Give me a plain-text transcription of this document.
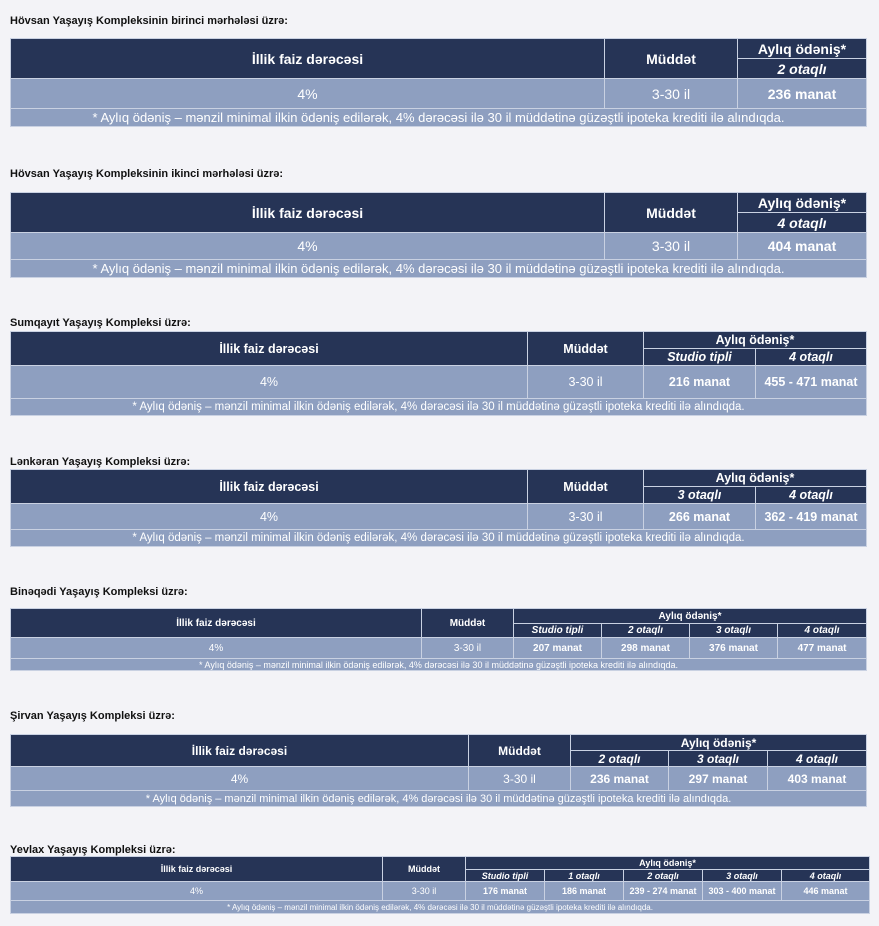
Hövsan Yaşayış Kompleksinin birinci mərhələsi üzrə:
İllik faiz dərəcəsi	Müddət	Aylıq ödəniş*
		2 otaqlı
4%	3-30 il	236 manat
* Aylıq ödəniş – mənzil minimal ilkin ödəniş edilərək, 4% dərəcəsi ilə 30 il müddətinə güzəştli ipoteka krediti ilə alındıqda.		
Hövsan Yaşayış Kompleksinin ikinci mərhələsi üzrə:
İllik faiz dərəcəsi	Müddət	Aylıq ödəniş*
		4 otaqlı
4%	3-30 il	404 manat
* Aylıq ödəniş – mənzil minimal ilkin ödəniş edilərək, 4% dərəcəsi ilə 30 il müddətinə güzəştli ipoteka krediti ilə alındıqda.		
Sumqayıt Yaşayış Kompleksi üzrə:
İllik faiz dərəcəsi	Müddət	Aylıq ödəniş*	
		Studio tipli	4 otaqlı
4%	3-30 il	216 manat	455 - 471 manat
* Aylıq ödəniş – mənzil minimal ilkin ödəniş edilərək, 4% dərəcəsi ilə 30 il müddətinə güzəştli ipoteka krediti ilə alındıqda.			
Lənkəran Yaşayış Kompleksi üzrə:
İllik faiz dərəcəsi	Müddət	Aylıq ödəniş*	
		3 otaqlı	4 otaqlı
4%	3-30 il	266 manat	362 - 419 manat
* Aylıq ödəniş – mənzil minimal ilkin ödəniş edilərək, 4% dərəcəsi ilə 30 il müddətinə güzəştli ipoteka krediti ilə alındıqda.			
Binəqədi Yaşayış Kompleksi üzrə:
İllik faiz dərəcəsi	Müddət	Aylıq ödəniş*			
		Studio tipli	2 otaqlı	3 otaqlı	4 otaqlı
4%	3-30 il	207 manat	298 manat	376 manat	477 manat
* Aylıq ödəniş – mənzil minimal ilkin ödəniş edilərək, 4% dərəcəsi ilə 30 il müddətinə güzəştli ipoteka krediti ilə alındıqda.					
Şirvan Yaşayış Kompleksi üzrə:
İllik faiz dərəcəsi	Müddət	Aylıq ödəniş*		
		2 otaqlı	3 otaqlı	4 otaqlı
4%	3-30 il	236 manat	297 manat	403 manat
* Aylıq ödəniş – mənzil minimal ilkin ödəniş edilərək, 4% dərəcəsi ilə 30 il müddətinə güzəştli ipoteka krediti ilə alındıqda.				
Yevlax Yaşayış Kompleksi üzrə:
İllik faiz dərəcəsi	Müddət	Aylıq ödəniş*				
		Studio tipli	1 otaqlı	2 otaqlı	3 otaqlı	4 otaqlı
4%	3-30 il	176 manat	186 manat	239 - 274 manat	303 - 400 manat	446 manat
* Aylıq ödəniş – mənzil minimal ilkin ödəniş edilərək, 4% dərəcəsi ilə 30 il müddətinə güzəştli ipoteka krediti ilə alındıqda.						
